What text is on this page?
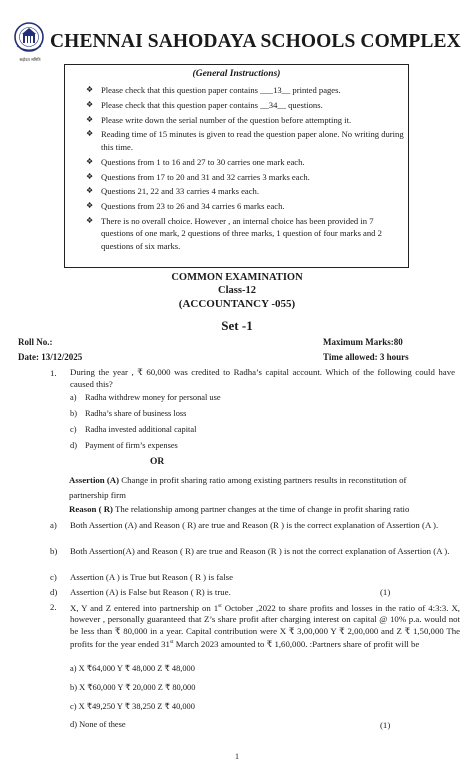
सहोदय समिति
CHENNAI SAHODAYA SCHOOLS COMPLEX
(General Instructions)
❖ Please check that this question paper contains ___13__ printed pages.
❖ Please check that this question paper contains __34__ questions.
❖ Please write down the serial number of the question before attempting it.
❖ Reading time of 15 minutes is given to read the question paper alone. No writing during this time.
❖ Questions from 1 to 16 and 27 to 30 carries one mark each.
❖ Questions from 17 to 20 and 31 and 32 carries 3 marks each.
❖ Questions 21, 22 and 33 carries 4 marks each.
❖ Questions from 23 to 26 and 34 carries 6 marks each.
❖ There is no overall choice. However , an internal choice has been provided in 7 questions of one mark, 2 questions of three marks, 1 question of four marks and 2 questions of six marks.
COMMON EXAMINATION
Class-12
(ACCOUNTANCY -055)
Set -1
Roll No.:	Maximum Marks:80
Date: 13/12/2025	Time allowed: 3 hours
1. During the year , ₹ 60,000 was credited to Radha’s capital account. Which of the following could have caused this?
a) Radha withdrew money for personal use
b) Radha’s share of business loss
c) Radha invested additional capital
d) Payment of firm’s expenses
OR
Assertion (A) Change in profit sharing ratio among existing partners results in reconstitution of
partnership firm
Reason ( R) The relationship among partner changes at the time of change in profit sharing ratio
a) Both Assertion (A) and Reason ( R) are true and Reason (R ) is the correct explanation of Assertion (A ).
b) Both Assertion(A) and Reason ( R) are true and Reason (R ) is not the correct explanation of Assertion (A ).
c) Assertion (A ) is True but Reason ( R ) is false
d) Assertion (A) is False but Reason ( R) is true.	(1)
2. X, Y and Z entered into partnership on 1st October ,2022 to share profits and losses in the ratio of 4:3:3. X, however , personally guaranteed that Z’s share profit after charging interest on capital @ 10% p.a. would not be less than ₹ 80,000 in a year. Capital contribution were X ₹ 3,00,000 Y ₹ 2,00,000 and Z ₹ 1,50,000 The profits for the year ended 31st March 2023 amounted to ₹ 1,60,000. :Partners share of profit will be
a) X ₹64,000 Y ₹ 48,000 Z ₹ 48,000
b) X ₹60,000 Y ₹ 20,000 Z ₹ 80,000
c) X ₹49,250 Y ₹ 38,250 Z ₹ 40,000
d) None of these	(1)
1
